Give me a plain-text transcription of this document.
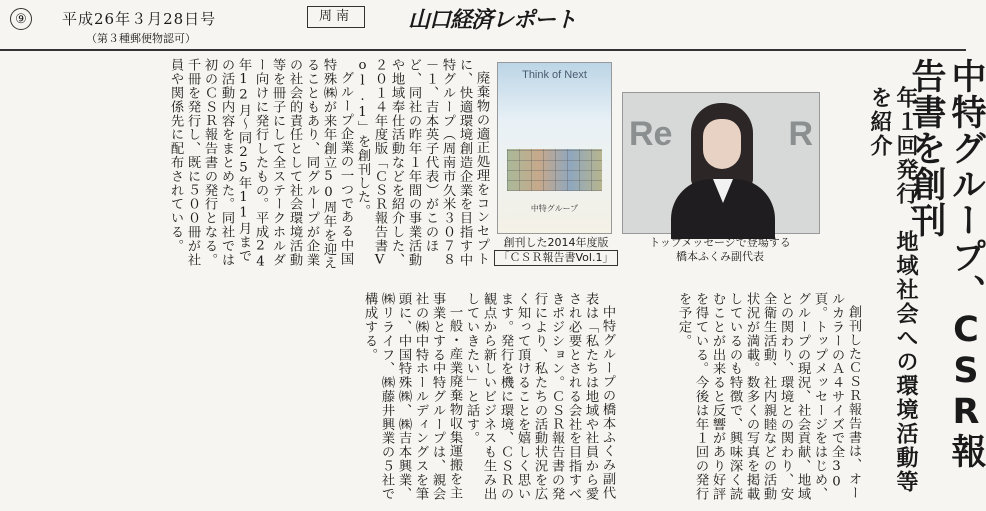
⑨	平成26年３月28日号
（第３種郵便物認可）
周南	山口経済レポート
中特グループ、CSR報告書を創刊
年１回発行、地域社会への環境活動等を紹介
Think of Next
中特グループ
創刊した2014年度版
「ＣＳＲ報告書Vol.1」
Re	R
トップメッセージで登場する
橋本ふくみ副代表

廃棄物の適正処理をコンセプトに、快適環境創造企業を目指す中特グループ（周南市久米３０７８－１、吉本英子代表）がこのほど、同社の昨年１年間の事業活動や地域奉仕活動などを紹介した、２０１４年度版「ＣＳＲ報告書Vol.1」を創刊した。

グループ企業の一つである中国特殊㈱が来年創立50周年を迎えることもあり、同グループが企業の社会的責任として社会環境活動等を冊子にして全ステークホルダー向けに発行したもの。平成24年12月～同25年11月までの活動内容をまとめた。同社では初のＣＳＲ報告書の発行となる。千冊を発行し、既に５００冊が社員や関係先に配布されている。

創刊したＣＳＲ報告書は、オールカラーのＡ４サイズで全30頁。トップメッセージをはじめ、グループの現況、社会貢献、地域との関わり、環境との関わり、安全衛生活動、社内親睦などの活動状況が満載。数多くの写真を掲載しているのも特徴で、興味深く読むことが出来ると反響があり好評を得ている。今後は年１回の発行を予定。

中特グループの橋本ふくみ副代表は「私たちは地域や社員から愛され必要とされる会社を目指すべきポジション。ＣＳＲ報告書の発行により、私たちの活動状況を広く知って頂けることを嬉しく思います。発行を機に環境、ＣＳＲの観点から新しいビジネスも生み出していきたい」と話す。

一般・産業廃棄物収集運搬を主事業とする中特グループは、親会社の㈱中特ホールディングスを筆頭に、中国特殊㈱、㈱吉本興業、㈱リライフ、㈱藤井興業の５社で構成する。
